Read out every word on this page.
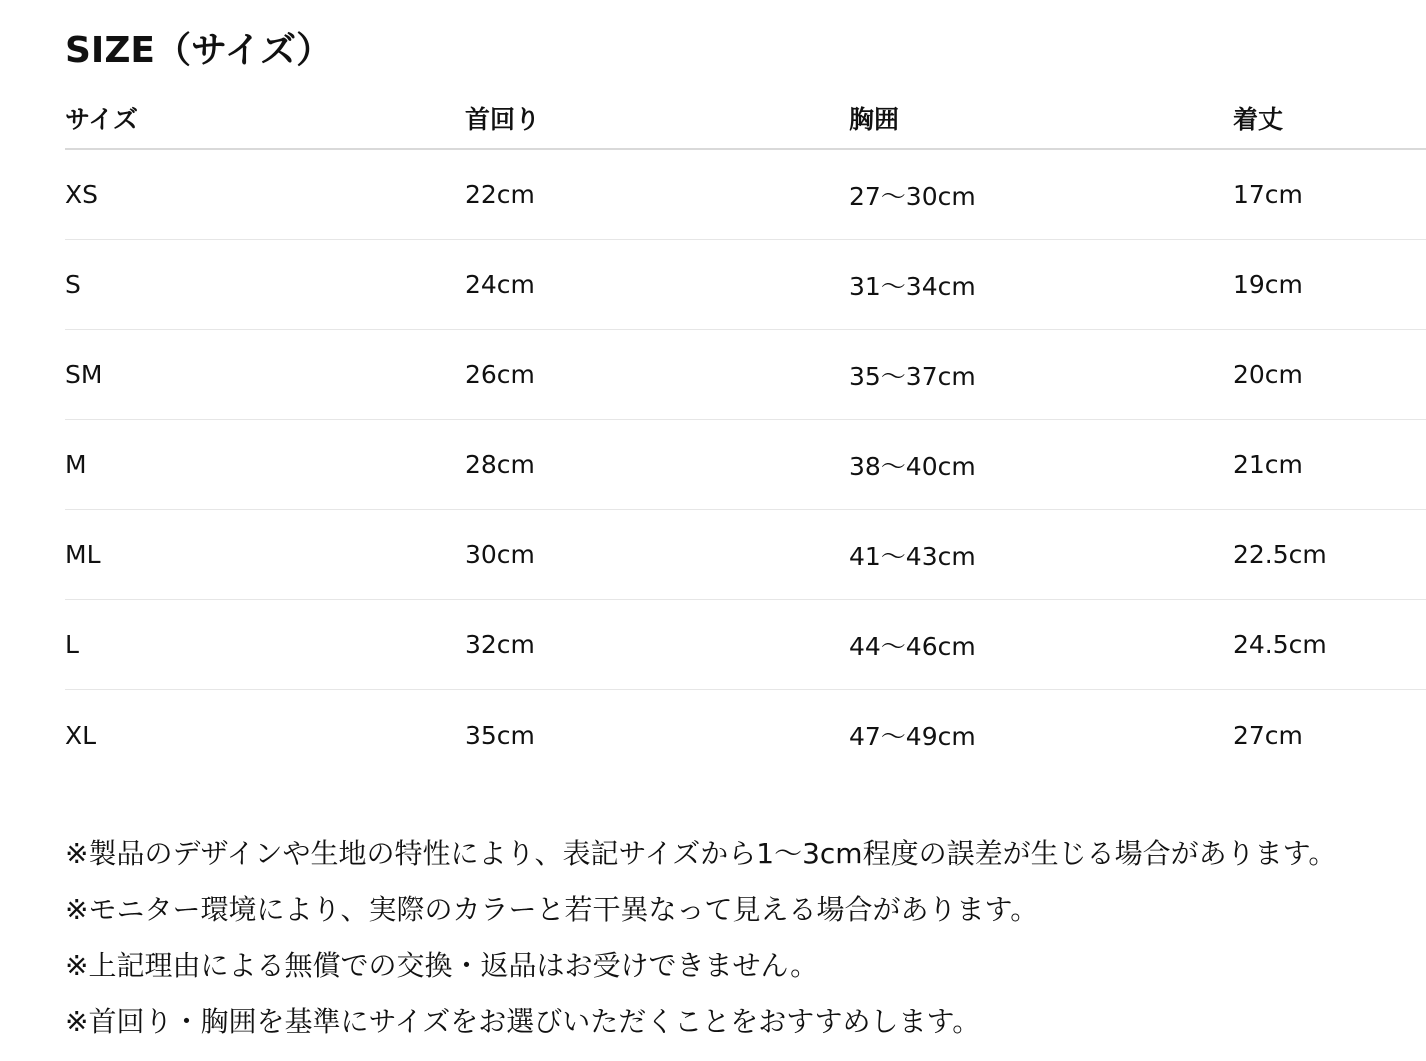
SIZE（サイズ）
サイズ	首回り	胸囲	着丈
XS	22cm	27〜30cm	17cm
S	24cm	31〜34cm	19cm
SM	26cm	35〜37cm	20cm
M	28cm	38〜40cm	21cm
ML	30cm	41〜43cm	22.5cm
L	32cm	44〜46cm	24.5cm
XL	35cm	47〜49cm	27cm
※製品のデザインや生地の特性により、表記サイズから1〜3cm程度の誤差が生じる場合があります。
※モニター環境により、実際のカラーと若干異なって見える場合があります。
※上記理由による無償での交換・返品はお受けできません。
※首回り・胸囲を基準にサイズをお選びいただくことをおすすめします。
